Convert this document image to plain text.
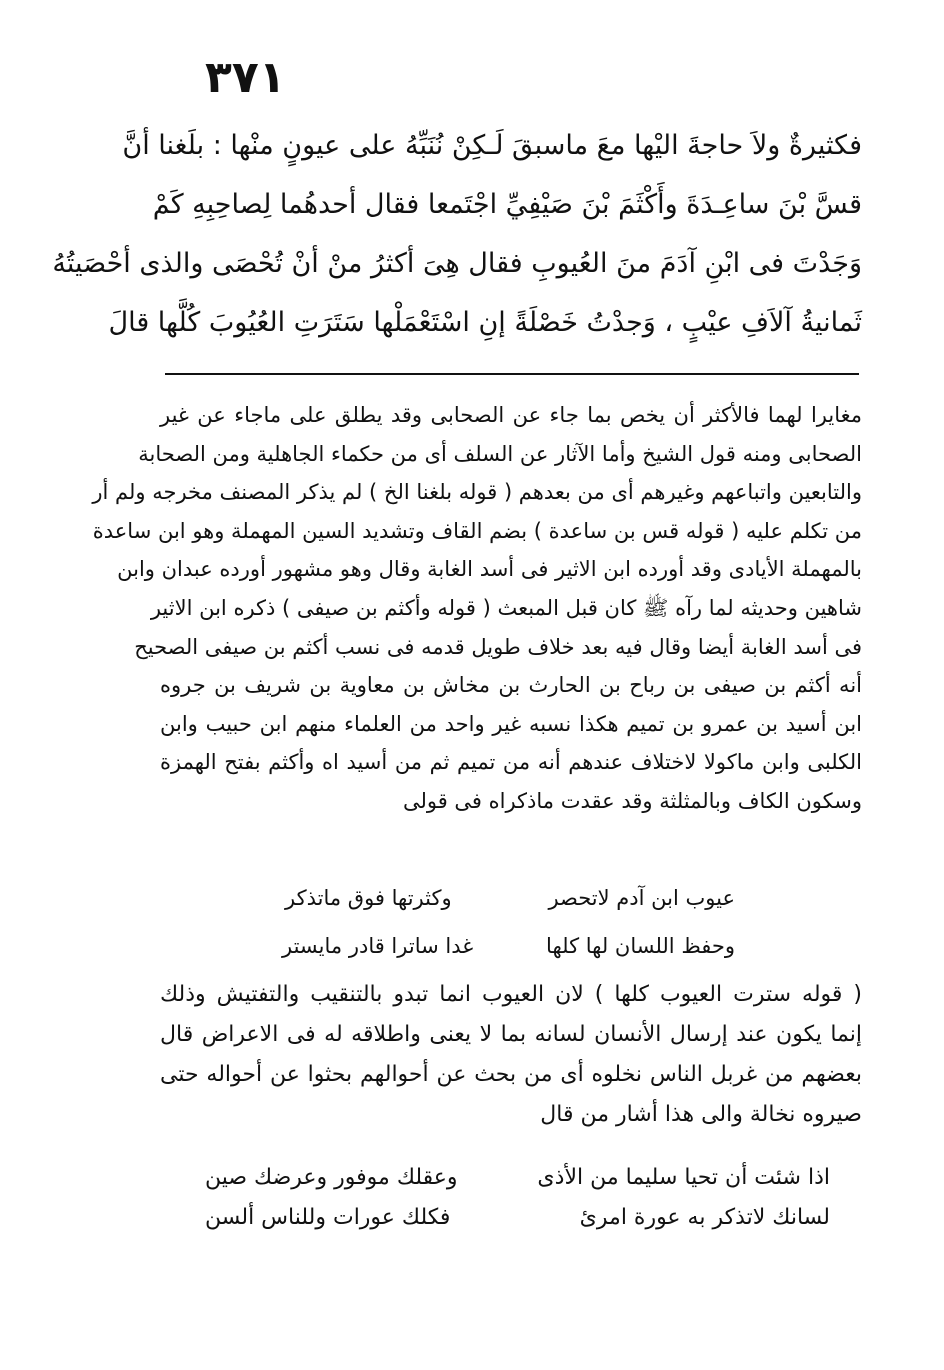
٣٧١
فكثيرةٌ ولاَ حاجةَ اليْها معَ ماسبقَ لَـكِنْ نُنَبِّهُ على عيونٍ منْها : بلَغنا أنَّ
قسَّ بْنَ ساعِـدَةَ وأَكْثَمَ بْنَ صَيْفِيِّ اجْتَمعا فقال أحدهُما لِصاحِبِهِ كَمْ
وَجَدْتَ فى ابْنِ آدَمَ منَ العُيوبِ فقال هِىَ أكثرُ منْ أنْ تُحْصَى والذى أحْصَيتُهُ
ثَمانيةُ آلاَفِ عيْبٍ ، وَجدْتُ خَصْلَةً إنِ اسْتَعْمَلْها سَتَرَتِ العُيُوبَ كُلَّها قالَ
مغايرا لهما فالأكثر أن يخص بما جاء عن الصحابى وقد يطلق على ماجاء عن غير
الصحابى ومنه قول الشيخ وأما الآثار عن السلف أى من حكماء الجاهلية ومن الصحابة
والتابعين واتباعهم وغيرهم أى من بعدهم ( قوله بلغنا الخ ) لم يذكر المصنف مخرجه ولم أر
من تكلم عليه ( قوله قس بن ساعدة ) بضم القاف وتشديد السين المهملة وهو ابن ساعدة
بالمهملة الأيادى وقد أورده ابن الاثير فى أسد الغابة وقال وهو مشهور أورده عبدان وابن
شاهين وحديثه لما رآه ﷺ كان قبل المبعث ( قوله وأكثم بن صيفى ) ذكره ابن الاثير
فى أسد الغابة أيضا وقال فيه بعد خلاف طويل قدمه فى نسب أكثم بن صيفى الصحيح
أنه أكثم بن صيفى بن رباح بن الحارث بن مخاش بن معاوية بن شريف بن جروه
ابن أسيد بن عمرو بن تميم هكذا نسبه غير واحد من العلماء منهم ابن حبيب وابن
الكلبى وابن ماكولا لاختلاف عندهم أنه من تميم ثم من أسيد اه وأكثم بفتح الهمزة
وسكون الكاف وبالمثلثة وقد عقدت ماذكراه فى قولى
عيوب ابن آدم لاتحصر
وكثرتها فوق ماتذكر
وحفظ اللسان لها كلها
غدا ساترا قادر مايستر
( قوله سترت العيوب كلها ) لان العيوب انما تبدو بالتنقيب والتفتيش وذلك
إنما يكون عند إرسال الأنسان لسانه بما لا يعنى واطلاقه له فى الاعراض قال
بعضهم من غربل الناس نخلوه أى من بحث عن أحوالهم بحثوا عن أحواله حتى
صيروه نخالة والى هذا أشار من قال
اذا شئت أن تحيا سليما من الأذى
وعقلك موفور وعرضك صين
لسانك لاتذكر به عورة امرئ
فكلك عورات وللناس ألسن
